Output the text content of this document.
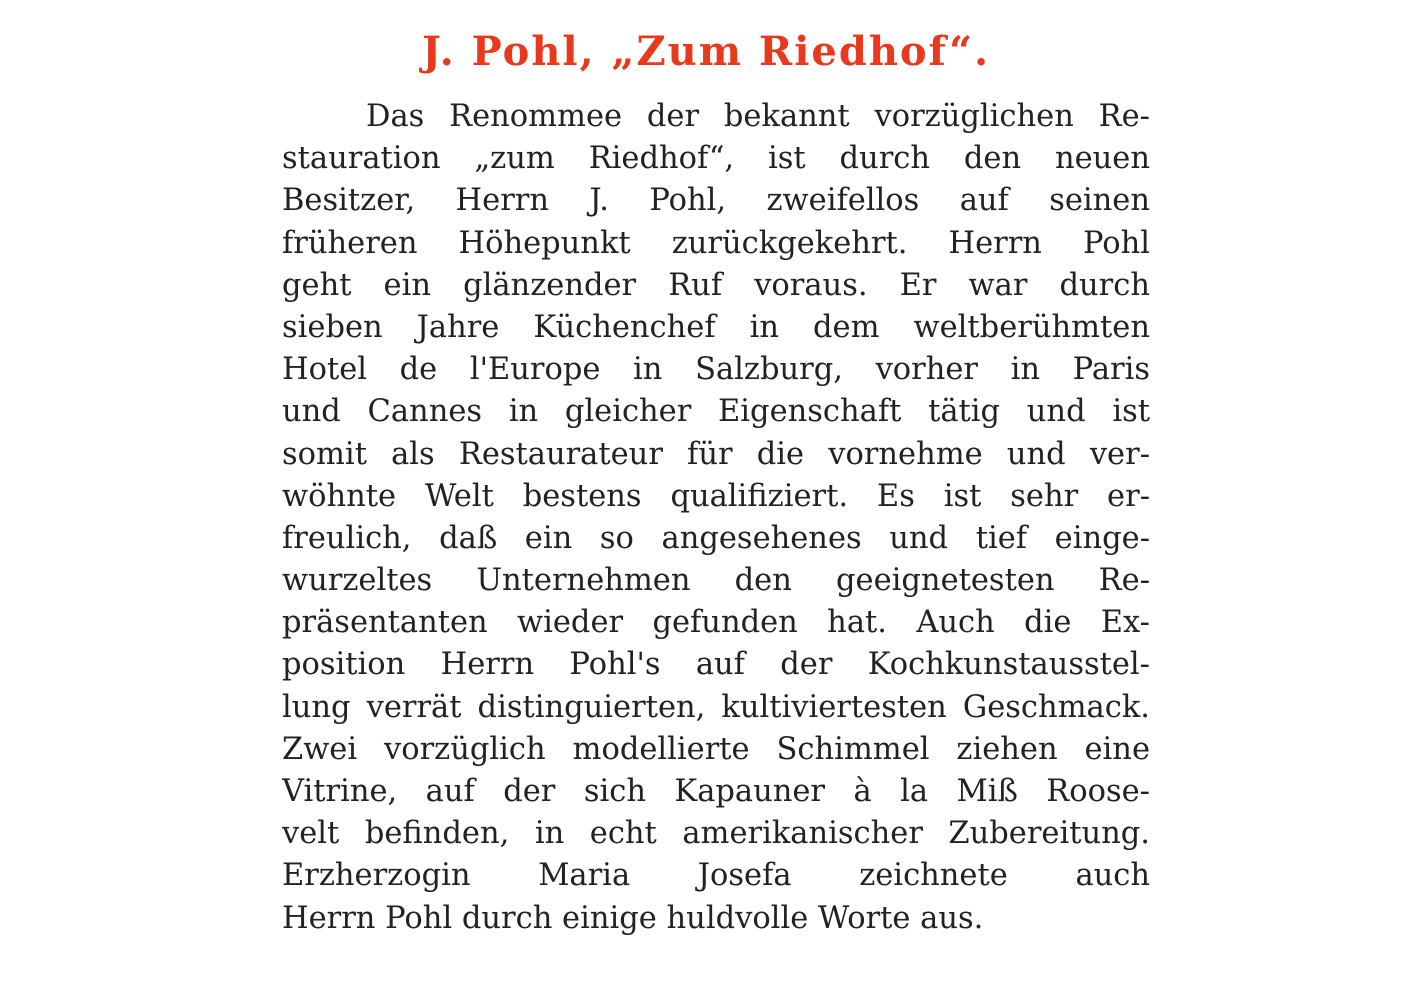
J. Pohl, „Zum Riedhof“.
Das Renommee der bekannt vorzüglichen Re-
stauration „zum Riedhof“, ist durch den neuen
Besitzer, Herrn J. Pohl, zweifellos auf seinen
früheren Höhepunkt zurückgekehrt. Herrn Pohl
geht ein glänzender Ruf voraus. Er war durch
sieben Jahre Küchenchef in dem weltberühmten
Hotel de l'Europe in Salzburg, vorher in Paris
und Cannes in gleicher Eigenschaft tätig und ist
somit als Restaurateur für die vornehme und ver-
wöhnte Welt bestens qualifiziert. Es ist sehr er-
freulich, daß ein so angesehenes und tief einge-
wurzeltes Unternehmen den geeignetesten Re-
präsentanten wieder gefunden hat. Auch die Ex-
position Herrn Pohl's auf der Kochkunstausstel-
lung verrät distinguierten, kultiviertesten Geschmack.
Zwei vorzüglich modellierte Schimmel ziehen eine
Vitrine, auf der sich Kapauner à la Miß Roose-
velt befinden, in echt amerikanischer Zubereitung.
Erzherzogin Maria Josefa zeichnete auch
Herrn Pohl durch einige huldvolle Worte aus.
